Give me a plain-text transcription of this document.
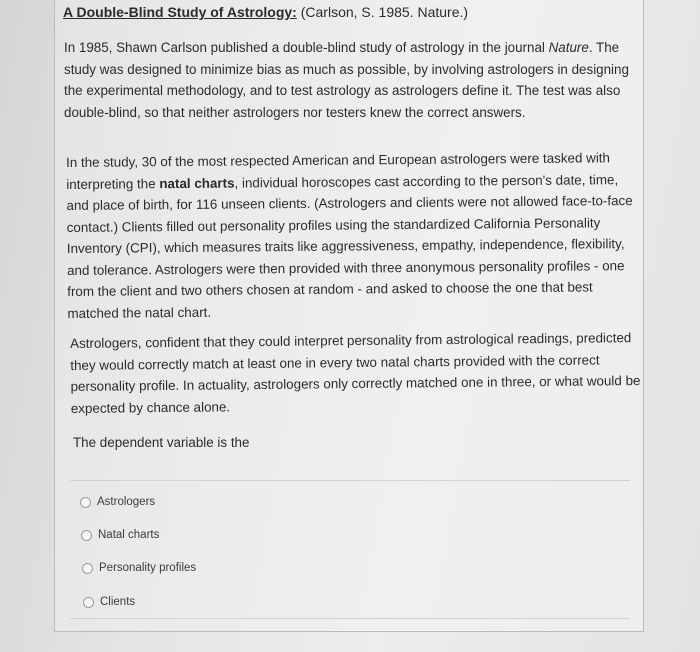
A Double-Blind Study of Astrology: (Carlson, S. 1985. Nature.)

In 1985, Shawn Carlson published a double-blind study of astrology in the journal Nature. The study was designed to minimize bias as much as possible, by involving astrologers in designing the experimental methodology, and to test astrology as astrologers define it. The test was also double-blind, so that neither astrologers nor testers knew the correct answers.

In the study, 30 of the most respected American and European astrologers were tasked with interpreting the natal charts, individual horoscopes cast according to the person's date, time, and place of birth, for 116 unseen clients. (Astrologers and clients were not allowed face-to-face contact.) Clients filled out personality profiles using the standardized California Personality Inventory (CPI), which measures traits like aggressiveness, empathy, independence, flexibility, and tolerance. Astrologers were then provided with three anonymous personality profiles - one from the client and two others chosen at random - and asked to choose the one that best matched the natal chart.

Astrologers, confident that they could interpret personality from astrological readings, predicted they would correctly match at least one in every two natal charts provided with the correct personality profile. In actuality, astrologers only correctly matched one in three, or what would be expected by chance alone.

The dependent variable is the
Astrologers
Natal charts
Personality profiles
Clients
